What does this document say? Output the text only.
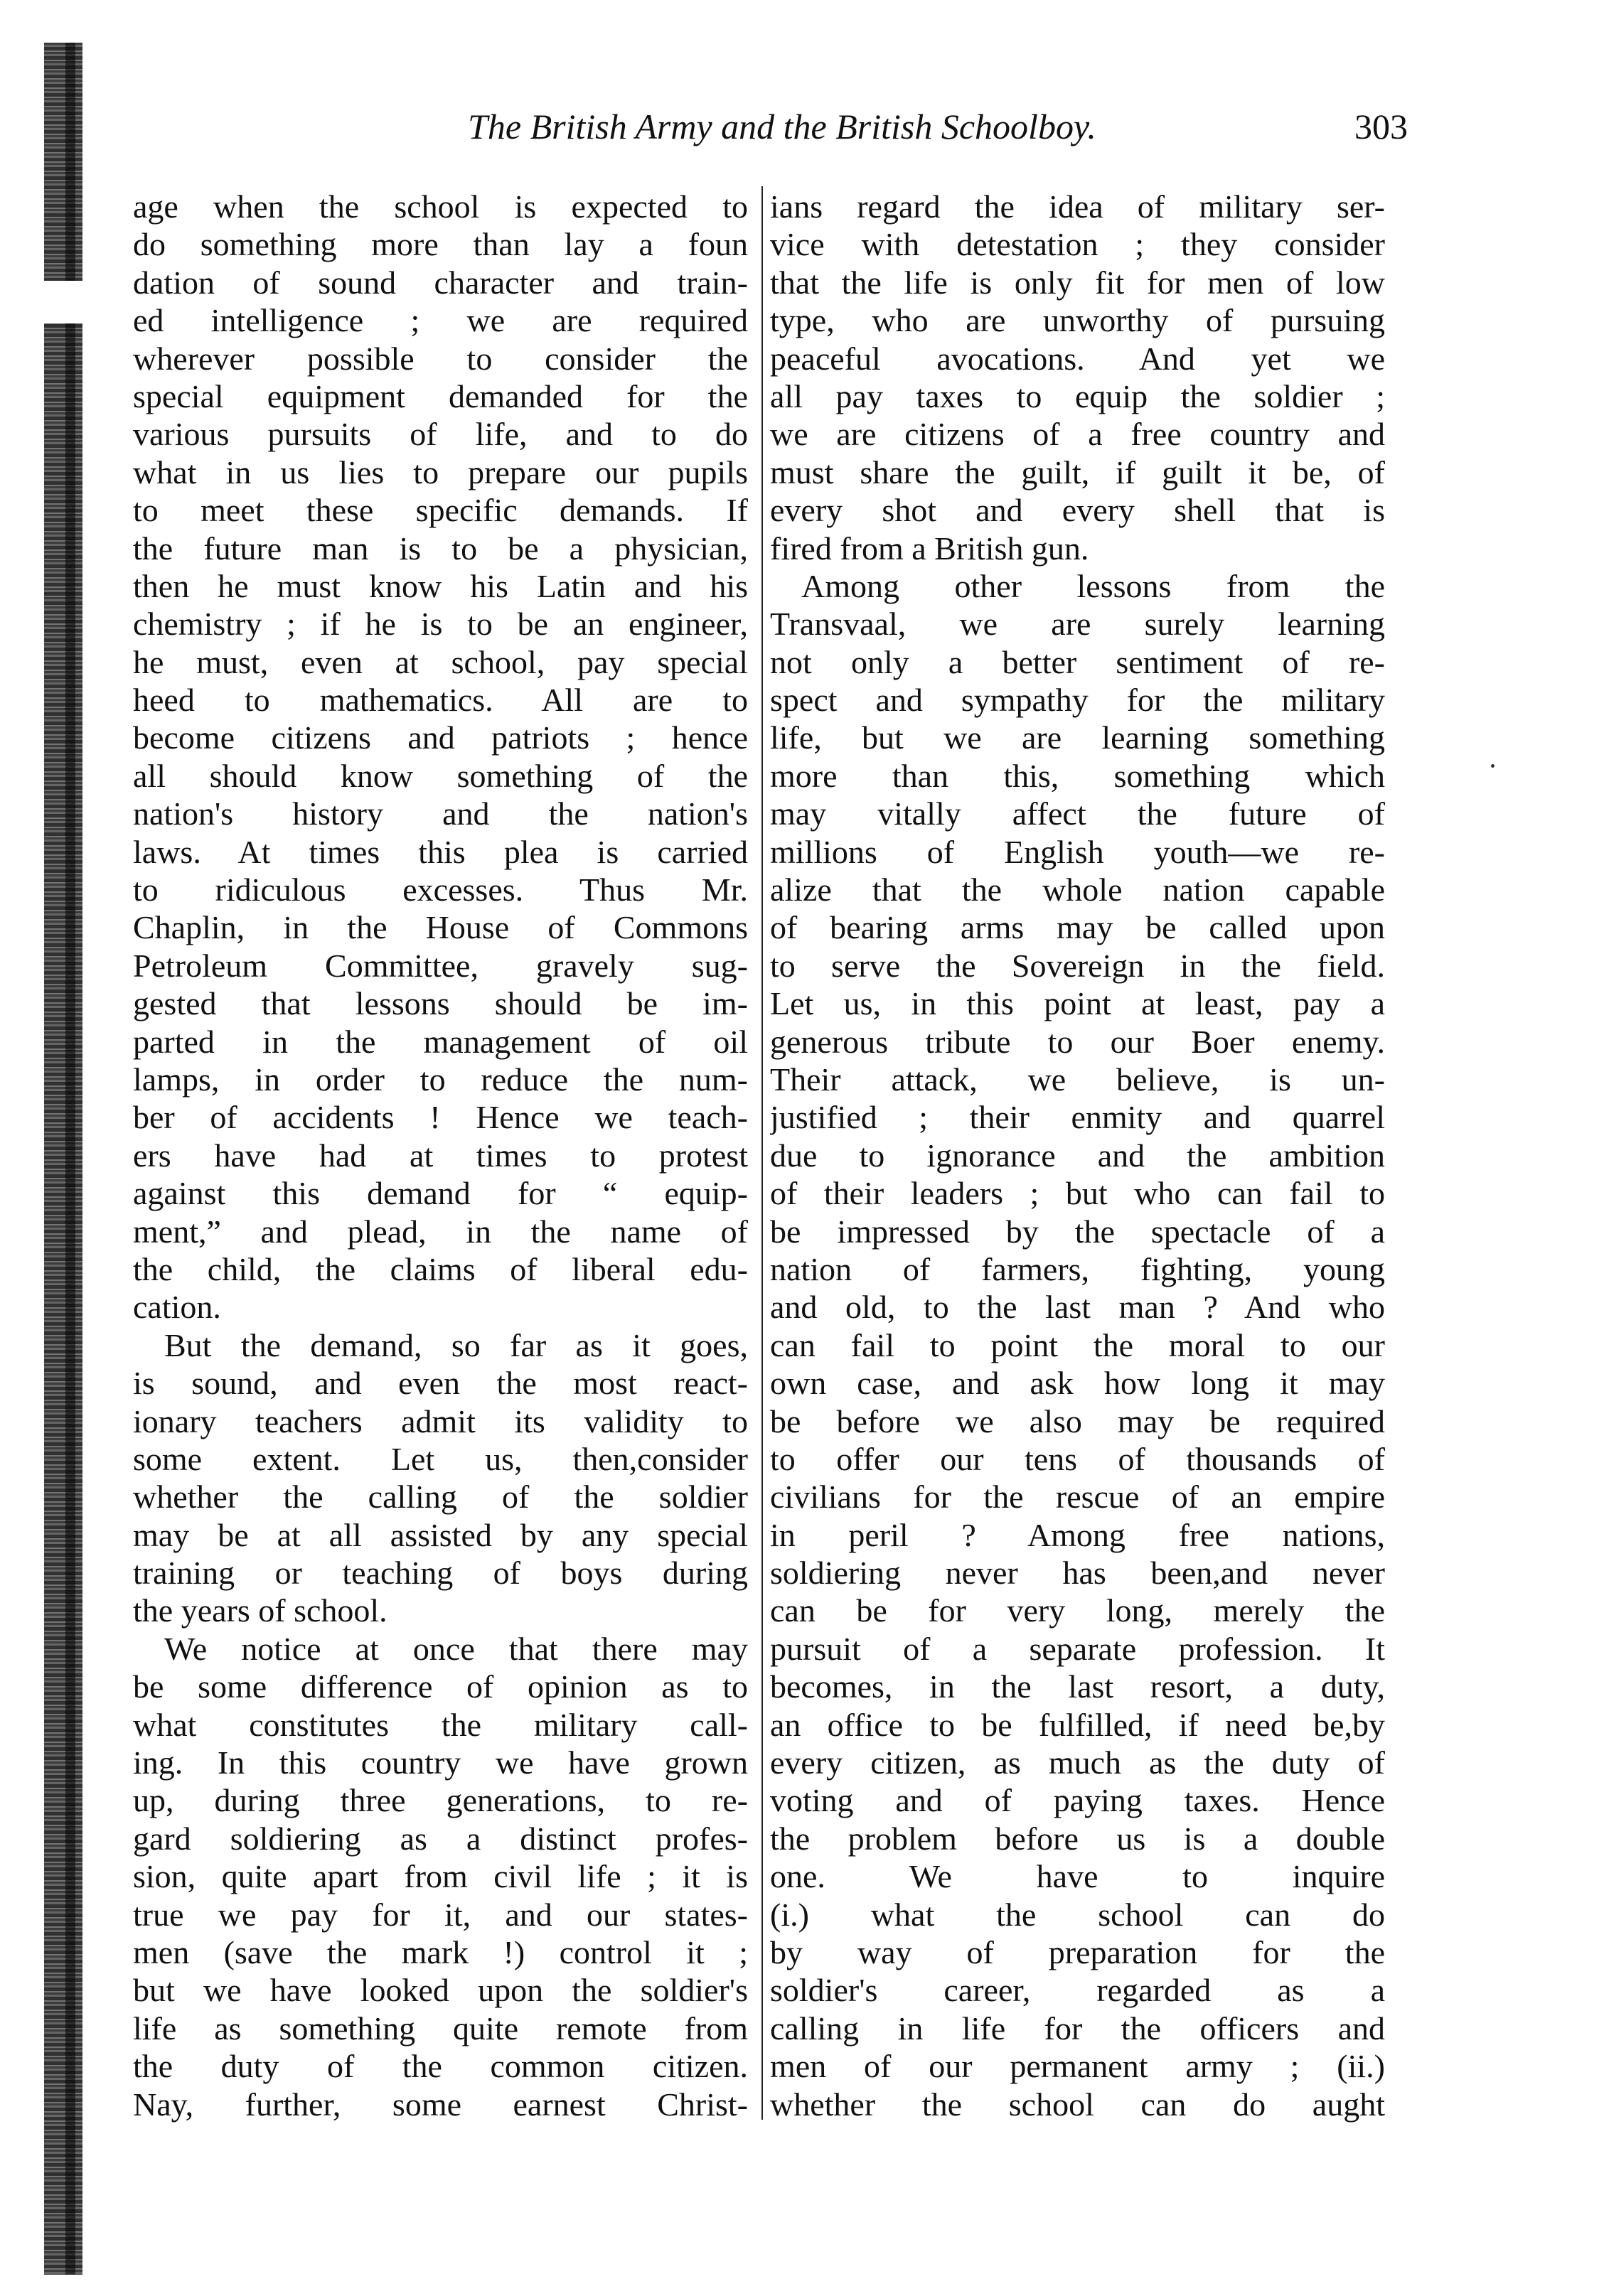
The British Army and the British Schoolboy.	303
age when the school is expected to
do something more than lay a foun
dation of sound character and train-
ed intelligence ; we are required
wherever possible to consider the
special equipment demanded for the
various pursuits of life, and to do
what in us lies to prepare our pupils
to meet these specific demands. If
the future man is to be a physician,
then he must know his Latin and his
chemistry ; if he is to be an engineer,
he must, even at school, pay special
heed to mathematics. All are to
become citizens and patriots ; hence
all should know something of the
nation's history and the nation's
laws. At times this plea is carried
to ridiculous excesses. Thus Mr.
Chaplin, in the House of Commons
Petroleum Committee, gravely sug-
gested that lessons should be im-
parted in the management of oil
lamps, in order to reduce the num-
ber of accidents ! Hence we teach-
ers have had at times to protest
against this demand for “ equip-
ment,” and plead, in the name of
the child, the claims of liberal edu-
cation.
But the demand, so far as it goes,
is sound, and even the most react-
ionary teachers admit its validity to
some extent. Let us, then,consider
whether the calling of the soldier
may be at all assisted by any special
training or teaching of boys during
the years of school.
We notice at once that there may
be some difference of opinion as to
what constitutes the military call-
ing. In this country we have grown
up, during three generations, to re-
gard soldiering as a distinct profes-
sion, quite apart from civil life ; it is
true we pay for it, and our states-
men (save the mark !) control it ;
but we have looked upon the soldier's
life as something quite remote from
the duty of the common citizen.
Nay, further, some earnest Christ-
ians regard the idea of military ser-
vice with detestation ; they consider
that the life is only fit for men of low
type, who are unworthy of pursuing
peaceful avocations. And yet we
all pay taxes to equip the soldier ;
we are citizens of a free country and
must share the guilt, if guilt it be, of
every shot and every shell that is
fired from a British gun.
Among other lessons from the
Transvaal, we are surely learning
not only a better sentiment of re-
spect and sympathy for the military
life, but we are learning something
more than this, something which
may vitally affect the future of
millions of English youth—we re-
alize that the whole nation capable
of bearing arms may be called upon
to serve the Sovereign in the field.
Let us, in this point at least, pay a
generous tribute to our Boer enemy.
Their attack, we believe, is un-
justified ; their enmity and quarrel
due to ignorance and the ambition
of their leaders ; but who can fail to
be impressed by the spectacle of a
nation of farmers, fighting, young
and old, to the last man ? And who
can fail to point the moral to our
own case, and ask how long it may
be before we also may be required
to offer our tens of thousands of
civilians for the rescue of an empire
in peril ? Among free nations,
soldiering never has been,and never
can be for very long, merely the
pursuit of a separate profession. It
becomes, in the last resort, a duty,
an office to be fulfilled, if need be,by
every citizen, as much as the duty of
voting and of paying taxes. Hence
the problem before us is a double
one. We have to inquire
(i.) what the school can do
by way of preparation for the
soldier's career, regarded as a
calling in life for the officers and
men of our permanent army ; (ii.)
whether the school can do aught
